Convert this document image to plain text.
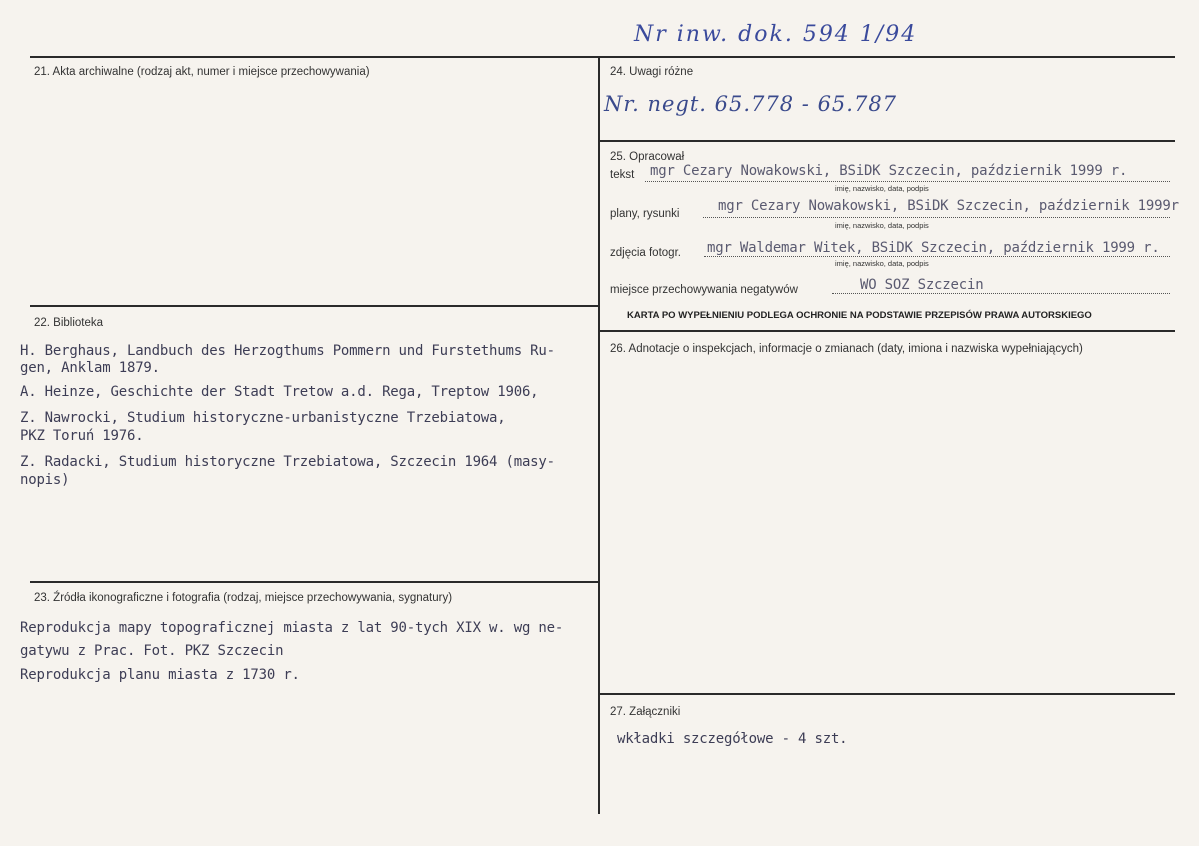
Nr inw. dok. 594 1/94
21. Akta archiwalne (rodzaj akt, numer i miejsce przechowywania)
22. Biblioteka
H. Berghaus, Landbuch des Herzogthums Pommern und Furstethums Ru-
gen, Anklam 1879.
A. Heinze, Geschichte der Stadt Tretow a.d. Rega, Treptow 1906,
Z. Nawrocki, Studium historyczne-urbanistyczne Trzebiatowa,
PKZ Toruń 1976.
Z. Radacki, Studium historyczne Trzebiatowa, Szczecin 1964 (masy-
nopis)
23. Źródła ikonograficzne i fotografia (rodzaj, miejsce przechowywania, sygnatury)
Reprodukcja mapy topograficznej miasta z lat 90-tych XIX w. wg ne-
gatywu z Prac. Fot. PKZ Szczecin
Reprodukcja planu miasta z 1730 r.
24. Uwagi różne
Nr. negt. 65.778 - 65.787
25. Opracował
tekst mgr Cezary Nowakowski, BSiDK Szczecin, październik 1999 r.
imię, nazwisko, data, podpis
plany, rysunki	mgr Cezary Nowakowski, BSiDK Szczecin, październik 1999r
imię, nazwisko, data, podpis
zdjęcia fotogr. mgr Waldemar Witek, BSiDK Szczecin, październik 1999 r.
imię, nazwisko, data, podpis
miejsce przechowywania negatywów	WO SOZ Szczecin
KARTA PO WYPEŁNIENIU PODLEGA OCHRONIE NA PODSTAWIE PRZEPISÓW PRAWA AUTORSKIEGO
26. Adnotacje o inspekcjach, informacje o zmianach (daty, imiona i nazwiska wypełniających)
27. Załączniki
wkładki szczegółowe - 4 szt.
